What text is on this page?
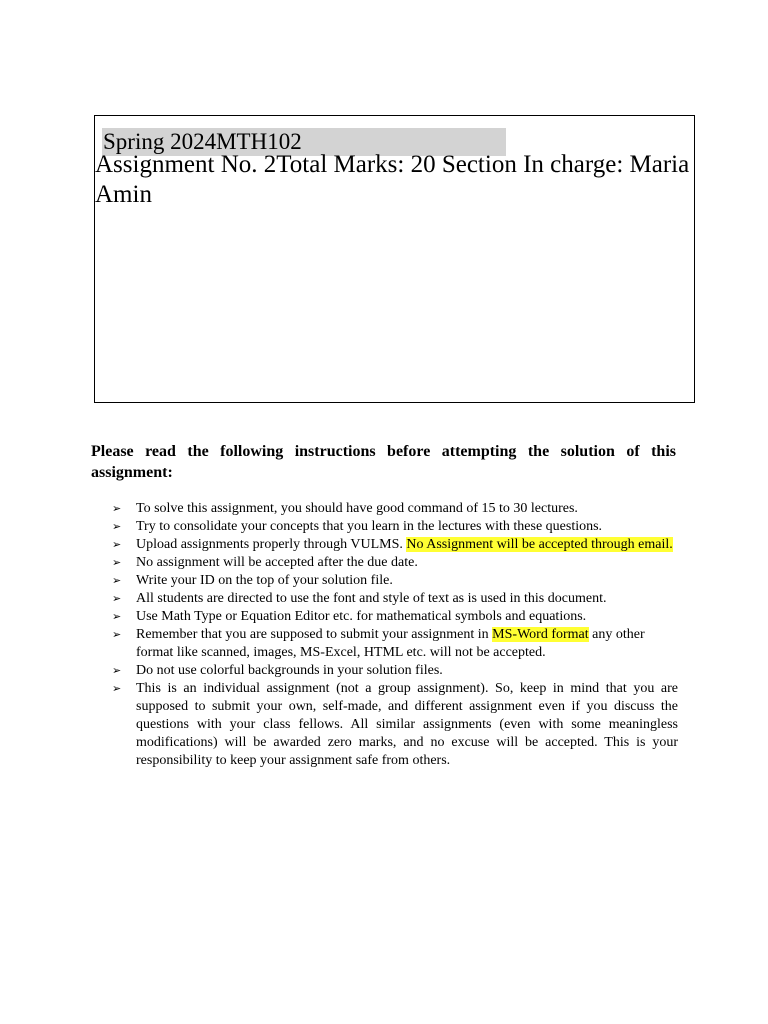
Spring 2024MTH102
Assignment No. 2Total Marks: 20 Section In charge: Maria Amin
Please read the following instructions before attempting the solution of this assignment:
➢ To solve this assignment, you should have good command of 15 to 30 lectures.
➢ Try to consolidate your concepts that you learn in the lectures with these questions.
➢ Upload assignments properly through VULMS. No Assignment will be accepted through email.
➢ No assignment will be accepted after the due date.
➢ Write your ID on the top of your solution file.
➢ All students are directed to use the font and style of text as is used in this document.
➢ Use Math Type or Equation Editor etc. for mathematical symbols and equations.
➢ Remember that you are supposed to submit your assignment in MS-Word format any other format like scanned, images, MS-Excel, HTML etc. will not be accepted.
➢ Do not use colorful backgrounds in your solution files.
➢ This is an individual assignment (not a group assignment). So, keep in mind that you are supposed to submit your own, self-made, and different assignment even if you discuss the questions with your class fellows. All similar assignments (even with some meaningless modifications) will be awarded zero marks, and no excuse will be accepted. This is your responsibility to keep your assignment safe from others.
